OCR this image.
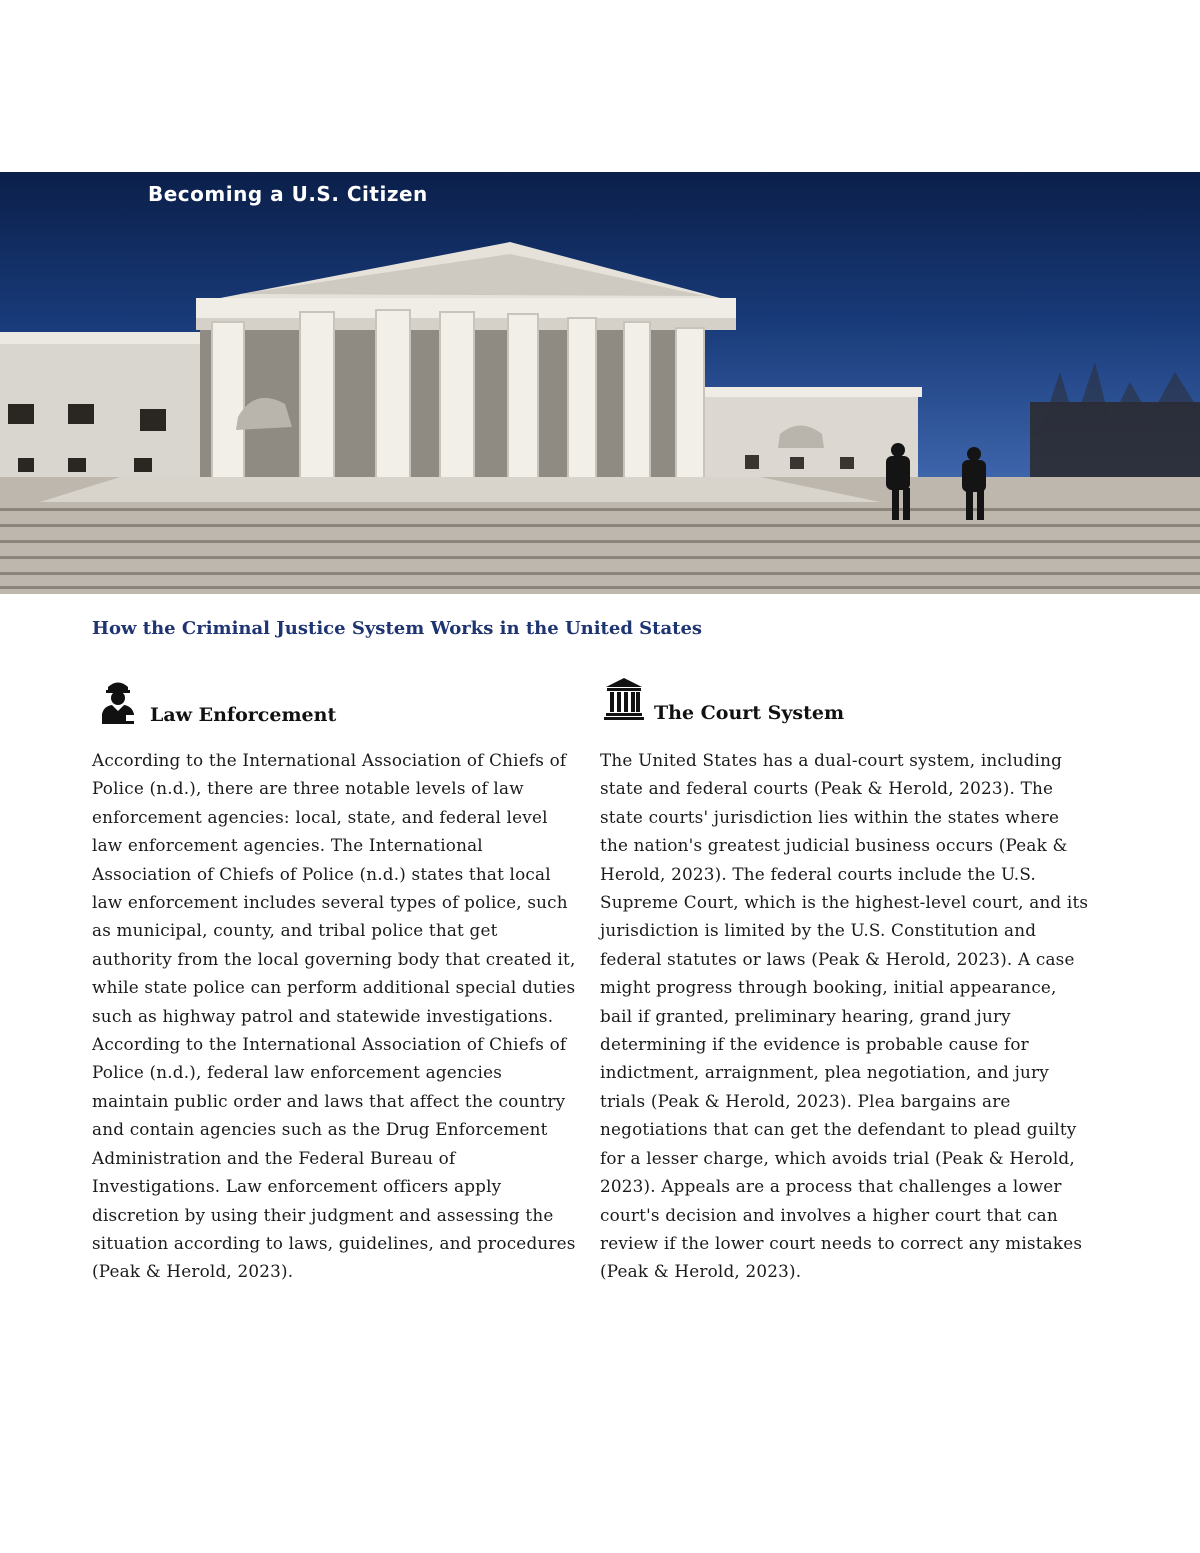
Becoming a U.S. Citizen
How the Criminal Justice System Works in the United States
Law Enforcement

According to the International Association of Chiefs of Police (n.d.), there are three notable levels of law enforcement agencies: local, state, and federal level law enforcement agencies. The International Association of Chiefs of Police (n.d.) states that local law enforcement includes several types of police, such as municipal, county, and tribal police that get authority from the local governing body that created it, while state police can perform additional special duties such as highway patrol and statewide investigations. According to the International Association of Chiefs of Police (n.d.), federal law enforcement agencies maintain public order and laws that affect the country and contain agencies such as the Drug Enforcement Administration and the Federal Bureau of Investigations. Law enforcement officers apply discretion by using their judgment and assessing the situation according to laws, guidelines, and procedures (Peak & Herold, 2023).

The Court System

The United States has a dual-court system, including state and federal courts (Peak & Herold, 2023). The state courts' jurisdiction lies within the states where the nation's greatest judicial business occurs (Peak & Herold, 2023). The federal courts include the U.S. Supreme Court, which is the highest-level court, and its jurisdiction is limited by the U.S. Constitution and federal statutes or laws (Peak & Herold, 2023). A case might progress through booking, initial appearance, bail if granted, preliminary hearing, grand jury determining if the evidence is probable cause for indictment, arraignment, plea negotiation, and jury trials (Peak & Herold, 2023). Plea bargains are negotiations that can get the defendant to plead guilty for a lesser charge, which avoids trial (Peak & Herold, 2023). Appeals are a process that challenges a lower court's decision and involves a higher court that can review if the lower court needs to correct any mistakes (Peak & Herold, 2023).
